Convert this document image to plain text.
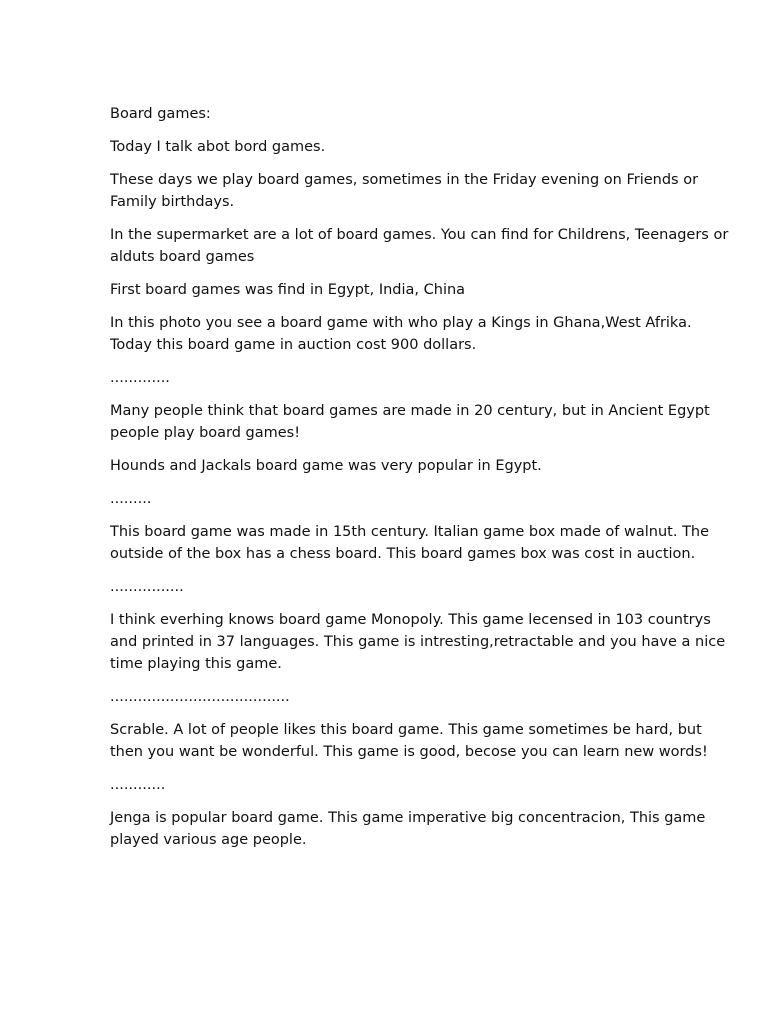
Board games:

Today I talk abot bord games.

These days we play board games, sometimes in the Friday evening on Friends or Family birthdays.

In the supermarket are a lot of board games. You can find for Childrens, Teenagers or alduts board games

First board games was find in Egypt, India, China

In this photo you see a board game with who play a Kings in Ghana,West Afrika. Today this board game in auction cost 900 dollars.

.............

Many people think that board games are made in 20 century, but in Ancient Egypt people play board games!

Hounds and Jackals board game was very popular in Egypt.

.........

This board game was made in 15th century. Italian game box made of walnut. The outside of the box has a chess board. This board games box was cost in auction.

................

I think everhing knows board game Monopoly. This game lecensed in 103 countrys and printed in 37 languages. This game is intresting,retractable and you have a nice time playing this game.

.......................................

Scrable. A lot of people likes this board game. This game sometimes be hard, but then you want be wonderful. This game is good, becose you can learn new words!

............

Jenga is popular board game. This game imperative big concentracion, This game played various age people.
